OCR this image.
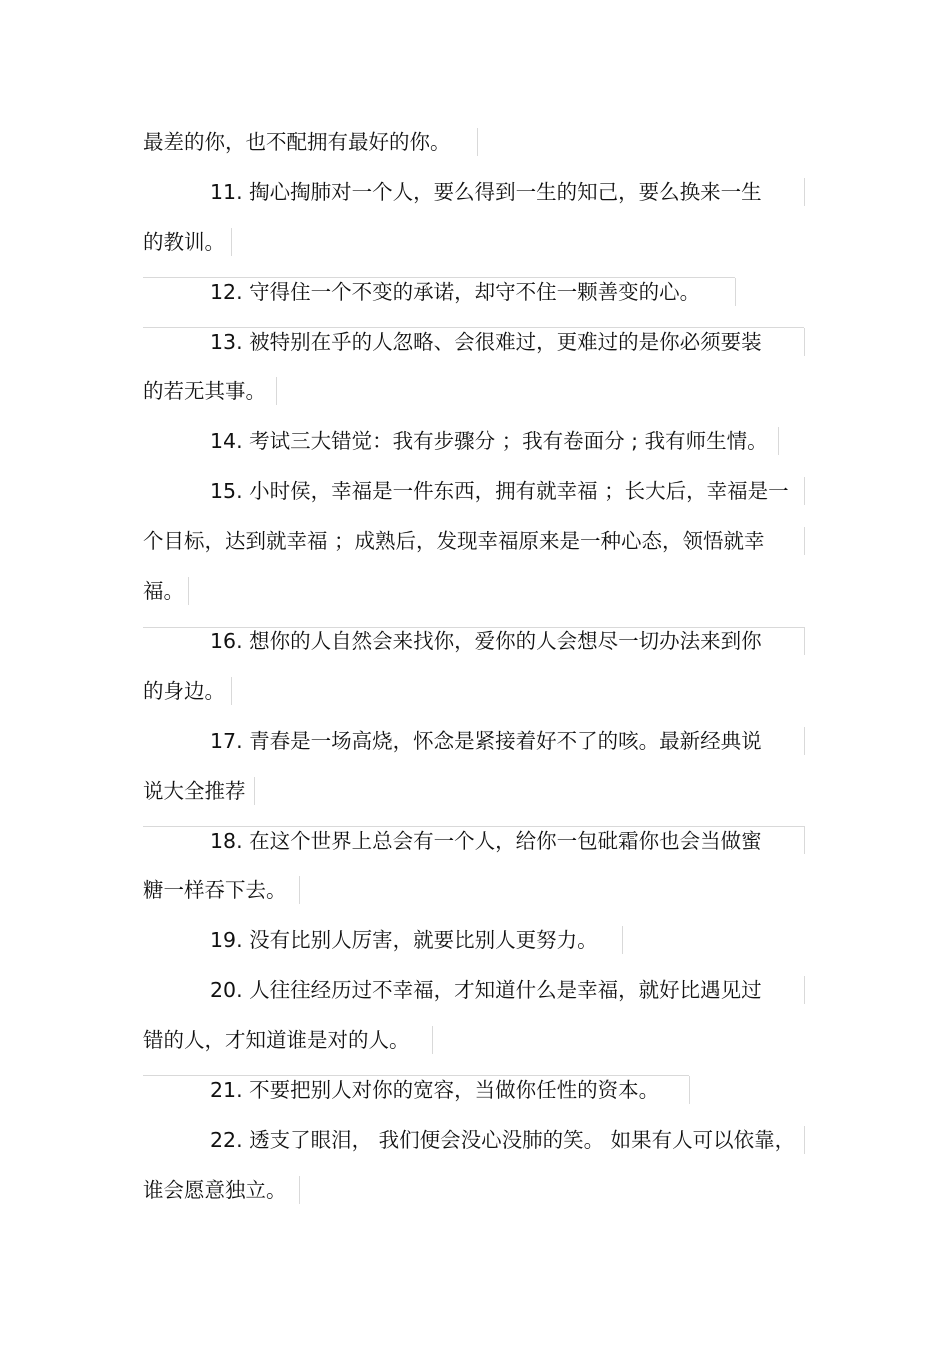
最差的你，也不配拥有最好的你。
11. 掏心掏肺对一个人，要么得到一生的知己，要么换来一生
的教训。
12. 守得住一个不变的承诺，却守不住一颗善变的心。
13. 被特别在乎的人忽略、会很难过，更难过的是你必须要装
的若无其事。
14. 考试三大错觉：我有步骤分 ；我有卷面分 ; 我有师生情。
15. 小时侯，幸福是一件东西，拥有就幸福 ；长大后，幸福是一
个目标，达到就幸福 ；成熟后，发现幸福原来是一种心态，领悟就幸
福。
16. 想你的人自然会来找你，爱你的人会想尽一切办法来到你
的身边。
17. 青春是一场高烧，怀念是紧接着好不了的咳。最新经典说
说大全推荐
18. 在这个世界上总会有一个人，给你一包砒霜你也会当做蜜
糖一样吞下去。
19. 没有比别人厉害，就要比别人更努力。
20. 人往往经历过不幸福，才知道什么是幸福，就好比遇见过
错的人，才知道谁是对的人。
21. 不要把别人对你的宽容，当做你任性的资本。
22. 透支了眼泪， 我们便会没心没肺的笑。 如果有人可以依靠，
谁会愿意独立。
